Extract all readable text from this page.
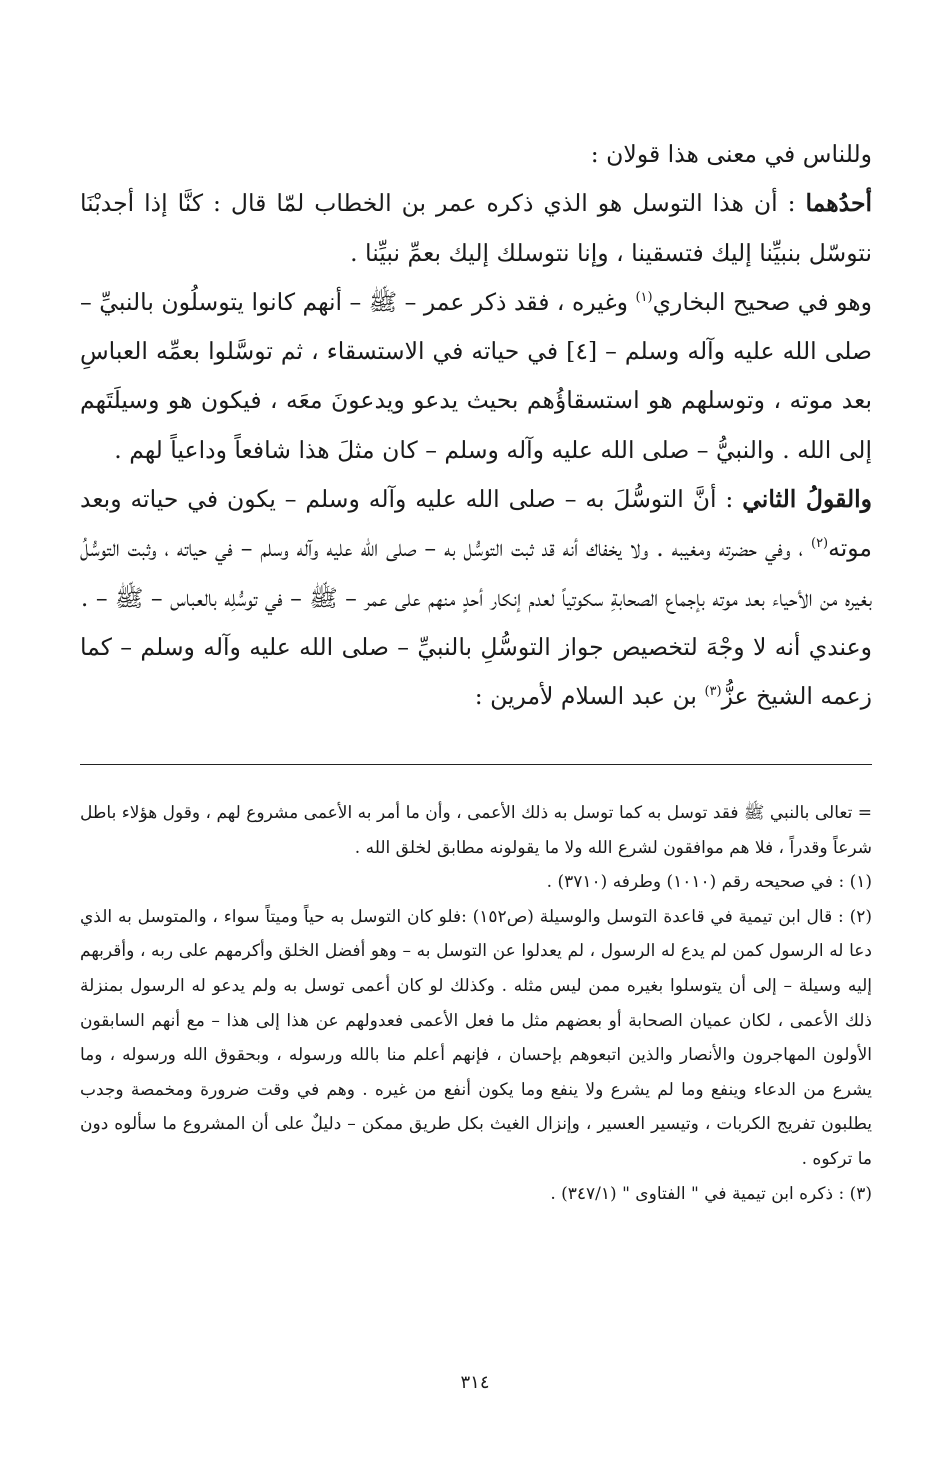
وللناس في معنى هذا قولان :

أحدُهما : أن هذا التوسل هو الذي ذكره عمر بن الخطاب لمّا قال : كنَّا إذا أجدبْنَا نتوسّل بنبيِّنا إليك فتسقينا ، وإنا نتوسلك إليك بعمِّ نبيِّنا .

وهو في صحيح البخاري$^{(١)}$ وغيره ، فقد ذكر عمر – ﷺ – أنهم كانوا يتوسلُون بالنبيِّ – صلى الله عليه وآله وسلم – [٤] في حياته في الاستسقاء ، ثم توسَّلوا بعمِّه العباسِ بعد موته ، وتوسلهم هو استسقاؤُهم بحيث يدعو ويدعونَ معَه ، فيكون هو وسيلَتَهم إلى الله . والنبيُّ – صلى الله عليه وآله وسلم – كان مثلَ هذا شافعاً وداعياً لهم .

والقولُ الثاني : أنَّ التوسُّلَ به – صلى الله عليه وآله وسلم – يكون في حياته وبعد موته$^{(٢)}$ ، وفي حضرته ومغيبه . ولا يخفاك أنه قد ثبت التوسُّل به – صلى الله عليه وآله وسلم – في حياته ، وثبت التوسُّلُ بغيره من الأحياء بعد موته بإجماع الصحابةِ سكوتياً لعدم إنكار أحدٍ منهم على عمر – ﷺ – في توسُّلِه بالعباس – ﷺ – .

وعندي أنه لا وجْهَ لتخصيص جواز التوسُّلِ بالنبيِّ – صلى الله عليه وآله وسلم – كما زعمه الشيخ عزُّ$^{(٣)}$ بن عبد السلام لأمرين :

= تعالى بالنبي ﷺ فقد توسل به كما توسل به ذلك الأعمى ، وأن ما أمر به الأعمى مشروع لهم ، وقول هؤلاء باطل شرعاً وقدراً ، فلا هم موافقون لشرع الله ولا ما يقولونه مطابق لخلق الله .

(١) : في صحيحه رقم (١٠١٠) وطرفه (٣٧١٠) .

(٢) : قال ابن تيمية في قاعدة التوسل والوسيلة (ص١٥٢) :فلو كان التوسل به حياً وميتاً سواء ، والمتوسل به الذي دعا له الرسول كمن لم يدع له الرسول ، لم يعدلوا عن التوسل به – وهو أفضل الخلق وأكرمهم على ربه ، وأقربهم إليه وسيلة – إلى أن يتوسلوا بغيره ممن ليس مثله . وكذلك لو كان أعمى توسل به ولم يدعو له الرسول بمنزلة ذلك الأعمى ، لكان عميان الصحابة أو بعضهم مثل ما فعل الأعمى فعدولهم عن هذا إلى هذا – مع أنهم السابقون الأولون المهاجرون والأنصار والذين اتبعوهم بإحسان ، فإنهم أعلم منا بالله ورسوله ، وبحقوق الله ورسوله ، وما يشرع من الدعاء وينفع وما لم يشرع ولا ينفع وما يكون أنفع من غيره . وهم في وقت ضرورة ومخمصة وجدب يطلبون تفريج الكربات ، وتيسير العسير ، وإنزال الغيث بكل طريق ممكن – دليلٌ على أن المشروع ما سألوه دون ما تركوه .

(٣) : ذكره ابن تيمية في " الفتاوى " (٣٤٧/١) .

٣١٤
